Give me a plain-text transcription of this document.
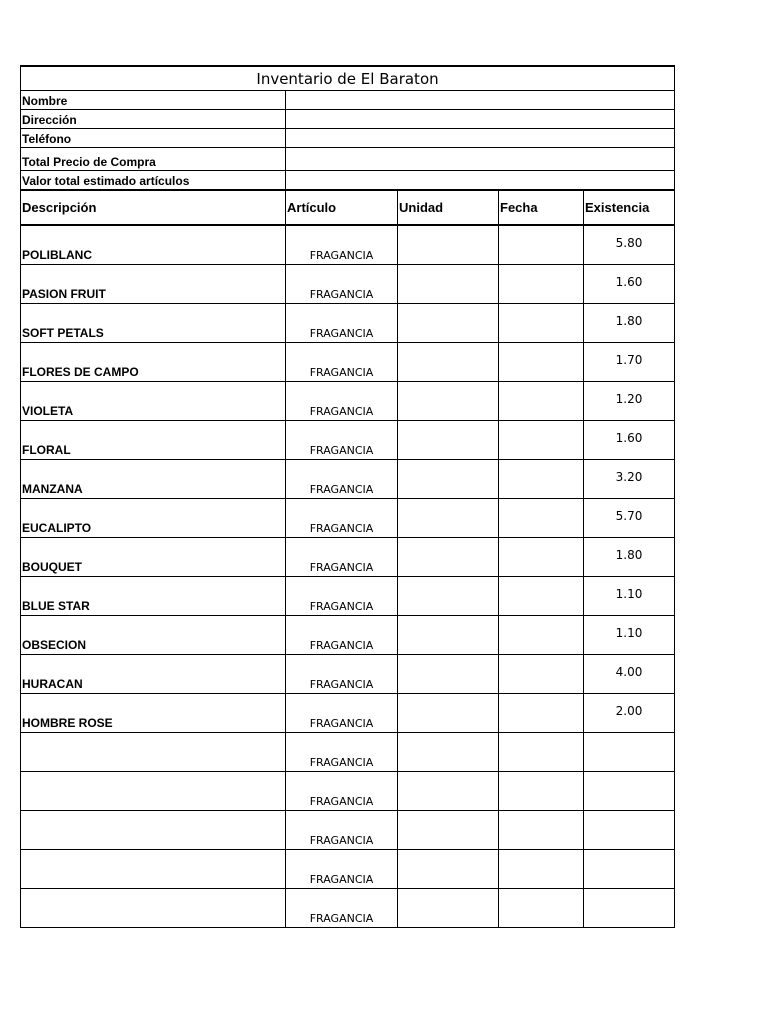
Inventario de El Baraton				
Nombre				
Dirección				
Teléfono				
Total Precio de Compra				
Valor total estimado artículos				
Descripción	Artículo	Unidad	Fecha	Existencia
POLIBLANC	FRAGANCIA			5.80
PASION FRUIT	FRAGANCIA			1.60
SOFT PETALS	FRAGANCIA			1.80
FLORES DE CAMPO	FRAGANCIA			1.70
VIOLETA	FRAGANCIA			1.20
FLORAL	FRAGANCIA			1.60
MANZANA	FRAGANCIA			3.20
EUCALIPTO	FRAGANCIA			5.70
BOUQUET	FRAGANCIA			1.80
BLUE STAR	FRAGANCIA			1.10
OBSECION	FRAGANCIA			1.10
HURACAN	FRAGANCIA			4.00
HOMBRE ROSE	FRAGANCIA			2.00
	FRAGANCIA			
	FRAGANCIA			
	FRAGANCIA			
	FRAGANCIA			
	FRAGANCIA			
